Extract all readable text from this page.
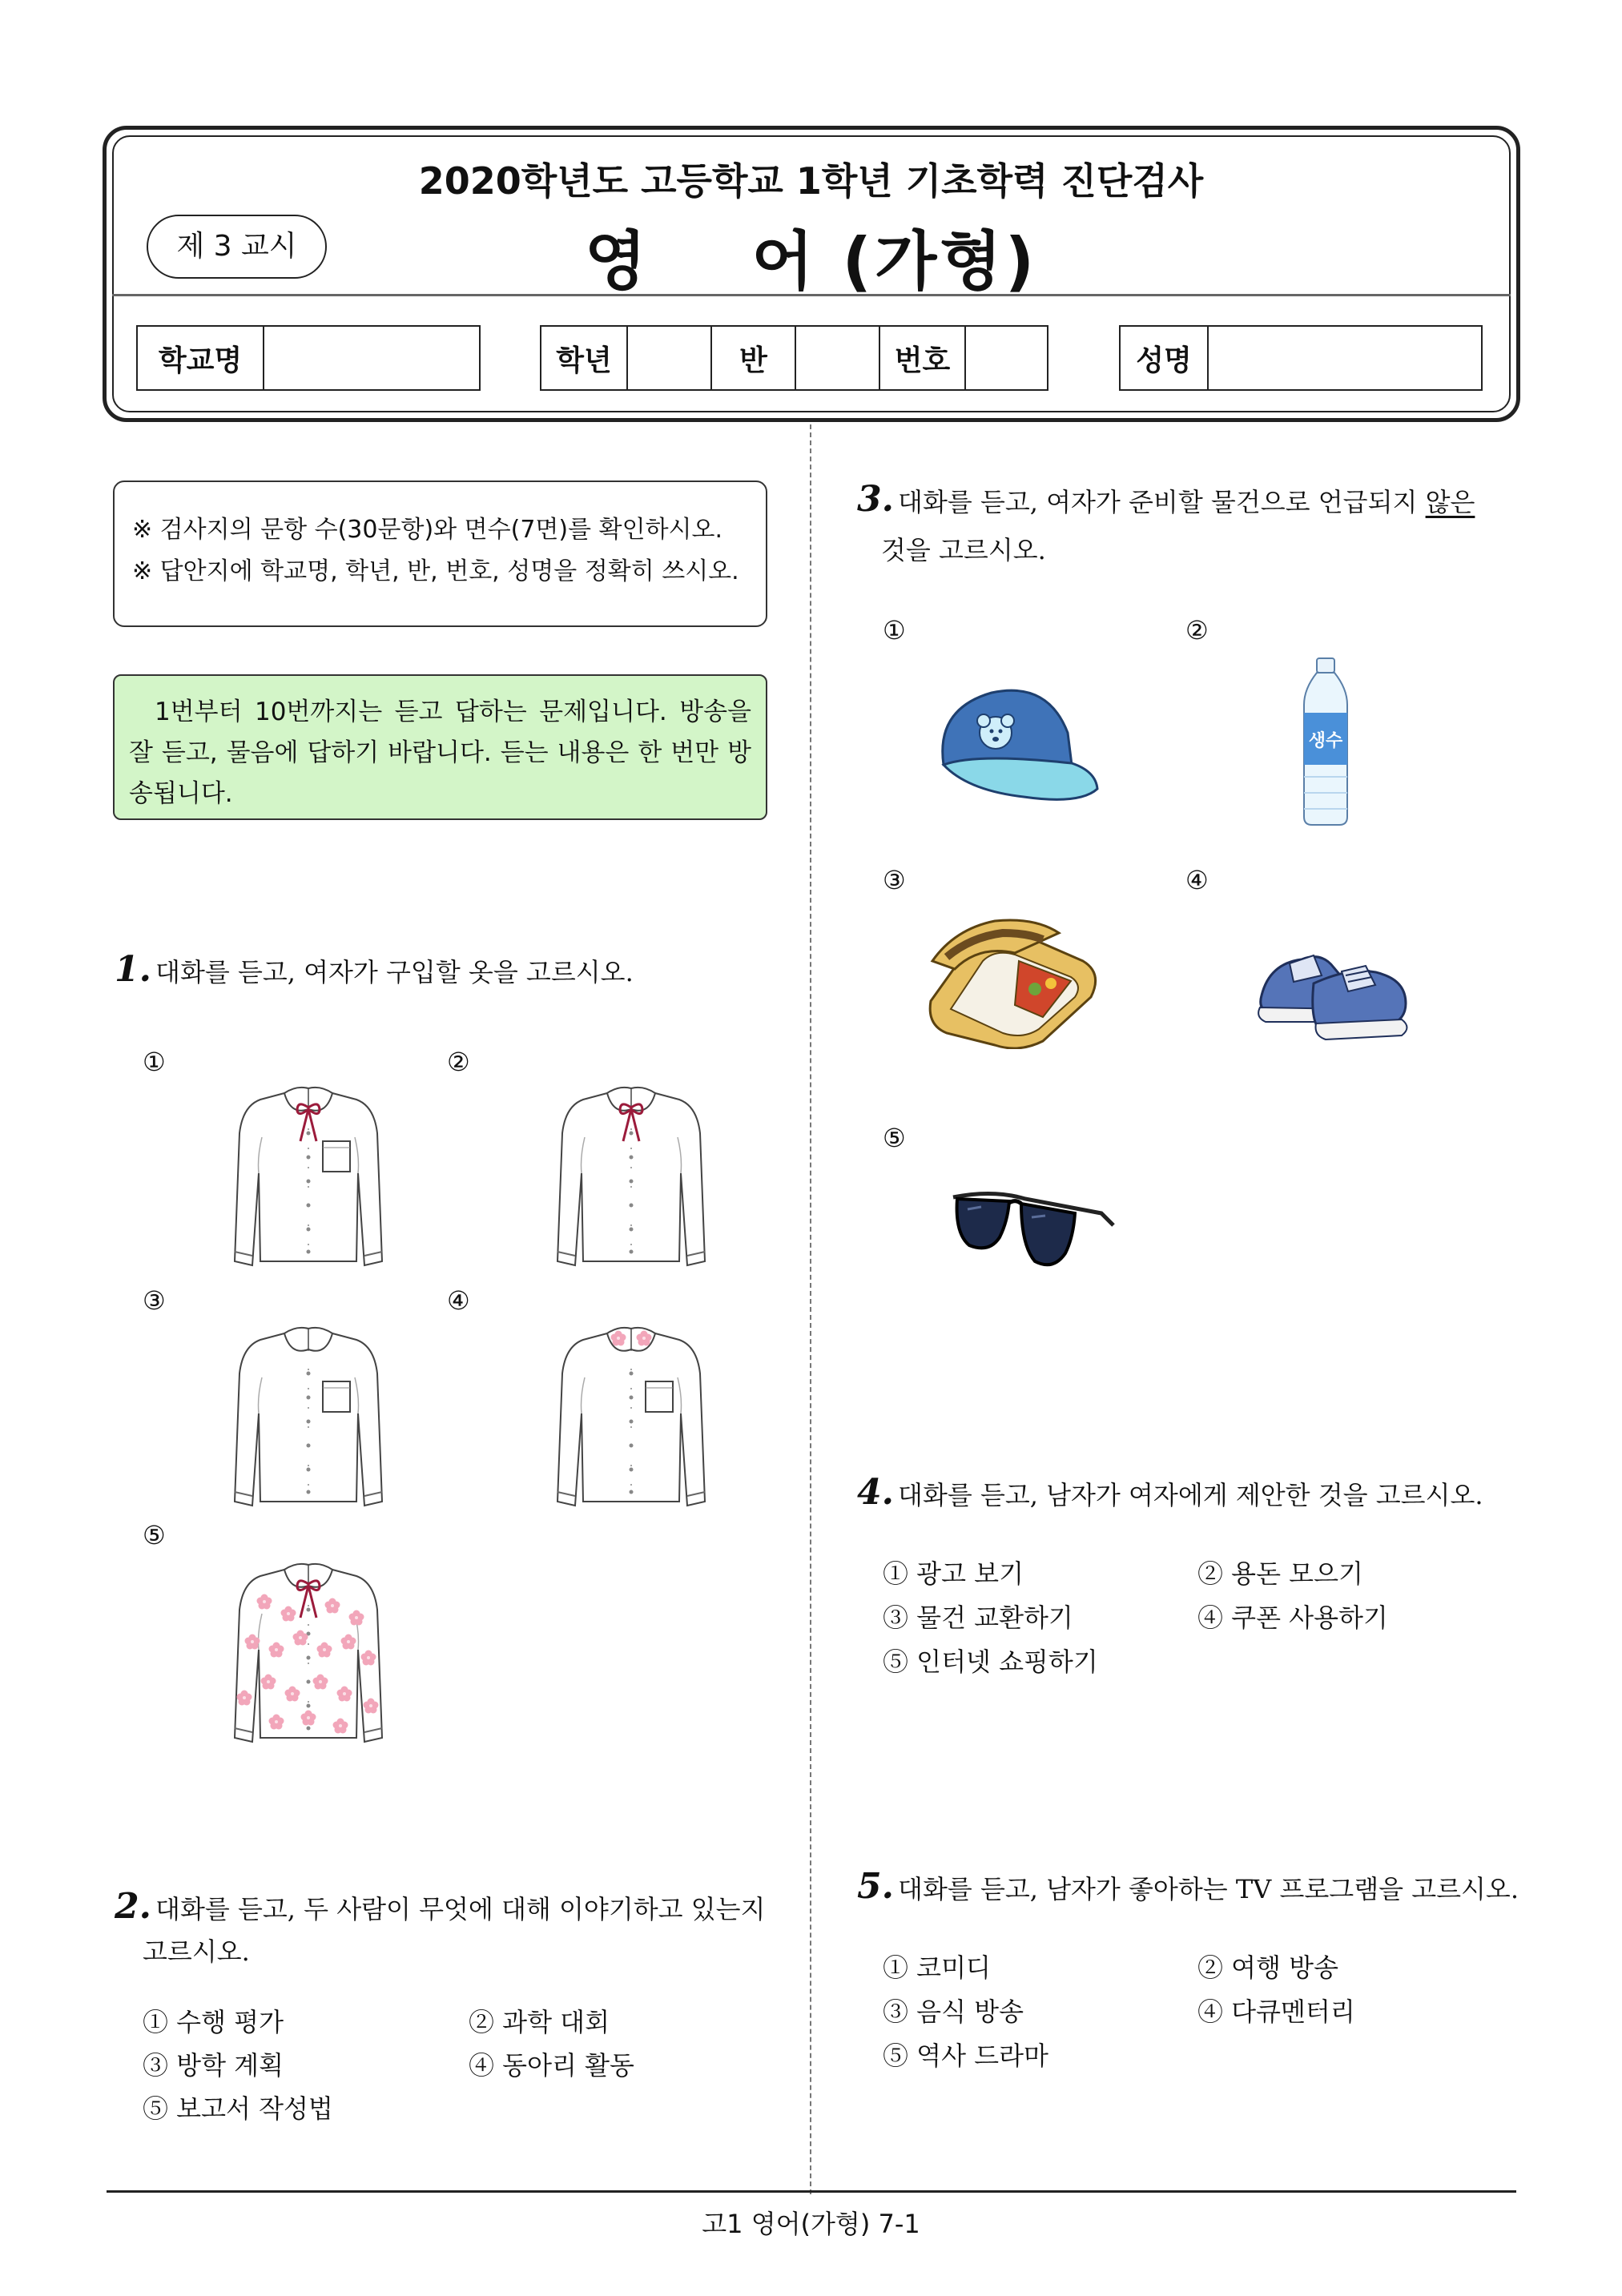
2020학년도 고등학교 1학년 기초학력 진단검사
제 3 교시	영    어 (가형)
학교명	학년	반	번호	성명
※ 검사지의 문항 수(30문항)와 면수(7면)를 확인하시오.
※ 답안지에 학교명, 학년, 반, 번호, 성명을 정확히 쓰시오.
1번부터 10번까지는 듣고 답하는 문제입니다. 방송을 잘 듣고, 물음에 답하기 바랍니다. 듣는 내용은 한 번만 방송됩니다.
1. 대화를 듣고, 여자가 구입할 옷을 고르시오.
①	②
③	④
⑤
2. 대화를 듣고, 두 사람이 무엇에 대해 이야기하고 있는지
고르시오.
① 수행 평가	② 과학 대회
③ 방학 계획	④ 동아리 활동
⑤ 보고서 작성법
3. 대화를 듣고, 여자가 준비할 물건으로 언급되지 않은
것을 고르시오.
①	②
③	④
⑤
생수
4. 대화를 듣고, 남자가 여자에게 제안한 것을 고르시오.
① 광고 보기	② 용돈 모으기
③ 물건 교환하기	④ 쿠폰 사용하기
⑤ 인터넷 쇼핑하기
5. 대화를 듣고, 남자가 좋아하는 TV 프로그램을 고르시오.
① 코미디	② 여행 방송
③ 음식 방송	④ 다큐멘터리
⑤ 역사 드라마
고1 영어(가형) 7-1
